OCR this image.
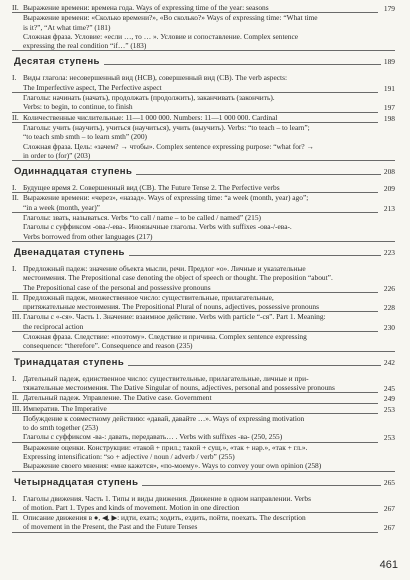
II. Выражение времени: времена года. Ways of expressing time of the year: seasons	179
Выражение времени: «Сколько времени?», «Во сколько?» Ways of expressing time: “What time
is it?”, “At what time?” (181)
Сложная фраза. Условие: «если …, то … ». Условие и сопоставление. Complex sentence
expressing the real condition “if…” (183)
Десятая ступень	189
I. Виды глагола: несовершенный вид (НСВ), совершенный вид (СВ). The verb aspects:
The Imperfective aspect, The Perfective aspect	191
Глаголы: начинать (начать), продолжать (продолжить), заканчивать (закончить).
Verbs: to begin, to continue, to finish	197
II. Количественные числительные: 11—1 000 000. Numbers: 11—1 000 000. Cardinal	198
Глаголы: учить (научить), учиться (научиться), учить (выучить). Verbs: “to teach – to learn”;
“to teach smb smth – to learn smth” (200)
Сложная фраза. Цель: «зачем? → чтобы». Complex sentence expressing purpose: “what for? →
in order to (for)” (203)
Одиннадцатая ступень	208
I. Будущее время 2. Совершенный вид (СВ). The Future Tense 2. The Perfective verbs	209
II. Выражение времени: «через», «назад». Ways of expressing time: “a week (month, year) ago”;
“in a week (month, year)”	213
Глаголы: звать, называться. Verbs “to call / name – to be called / named” (215)
Глаголы с суффиксом -ова-/-ева-. Иноязычные глаголы. Verbs with suffixes -ова-/-ева-.
Verbs borrowed from other languages (217)
Двенадцатая ступень	223
I. Предложный падеж: значение объекта мысли, речи. Предлог «о». Личные и указательные
местоимения. The Prepositional case denoting the object of speech or thought. The preposition “about”.
The Prepositional case of the personal and possessive pronouns	226
II. Предложный падеж, множественное число: существительные, прилагательные,
притяжательные местоимения. The Prepositional Plural of nouns, adjectives, possessive pronouns	228
III. Глаголы с «-ся». Часть 1. Значение: взаимное действие. Verbs with particle “-ся”. Part 1. Meaning:
the reciprocal action	230
Сложная фраза. Следствие: «поэтому». Следствие и причина. Complex sentence expressing
consequence: “therefore”. Consequence and reason (235)
Тринадцатая ступень	242
I. Дательный падеж, единственное число: существительные, прилагательные, личные и при-
тяжательные местоимения. The Dative Singular of nouns, adjectives, personal and possessive pronouns	245
II. Дательный падеж. Управление. The Dative case. Government	249
III. Императив. The Imperative	253
Побуждение к совместному действию: «давай, давайте …». Ways of expressing motivation
to do smth together (253)
Глаголы с суффиксом -ва-: давать, передавать… . Verbs with suffixes -ва- (250, 255)	253
Выражение оценки. Конструкции: «такой + прил.; такой + сущ.», «так + нар.», «так + гл.».
Expressing intensification: “so + adjective / noun / adverb / verb” (255)
Выражение своего мнения: «мне кажется», «по-моему». Ways to convey your own opinion (258)
Четырнадцатая ступень	265
I. Глаголы движения. Часть 1. Типы и виды движения. Движение в одном направлении. Verbs
of motion. Part 1. Types and kinds of movement. Motion in one direction	267
II. Описание движения в ●, ◀, ▶: идти, ехать; ходить, ездить, пойти, поехать. The description
of movement in the Present, the Past and the Future Tenses	267
461
